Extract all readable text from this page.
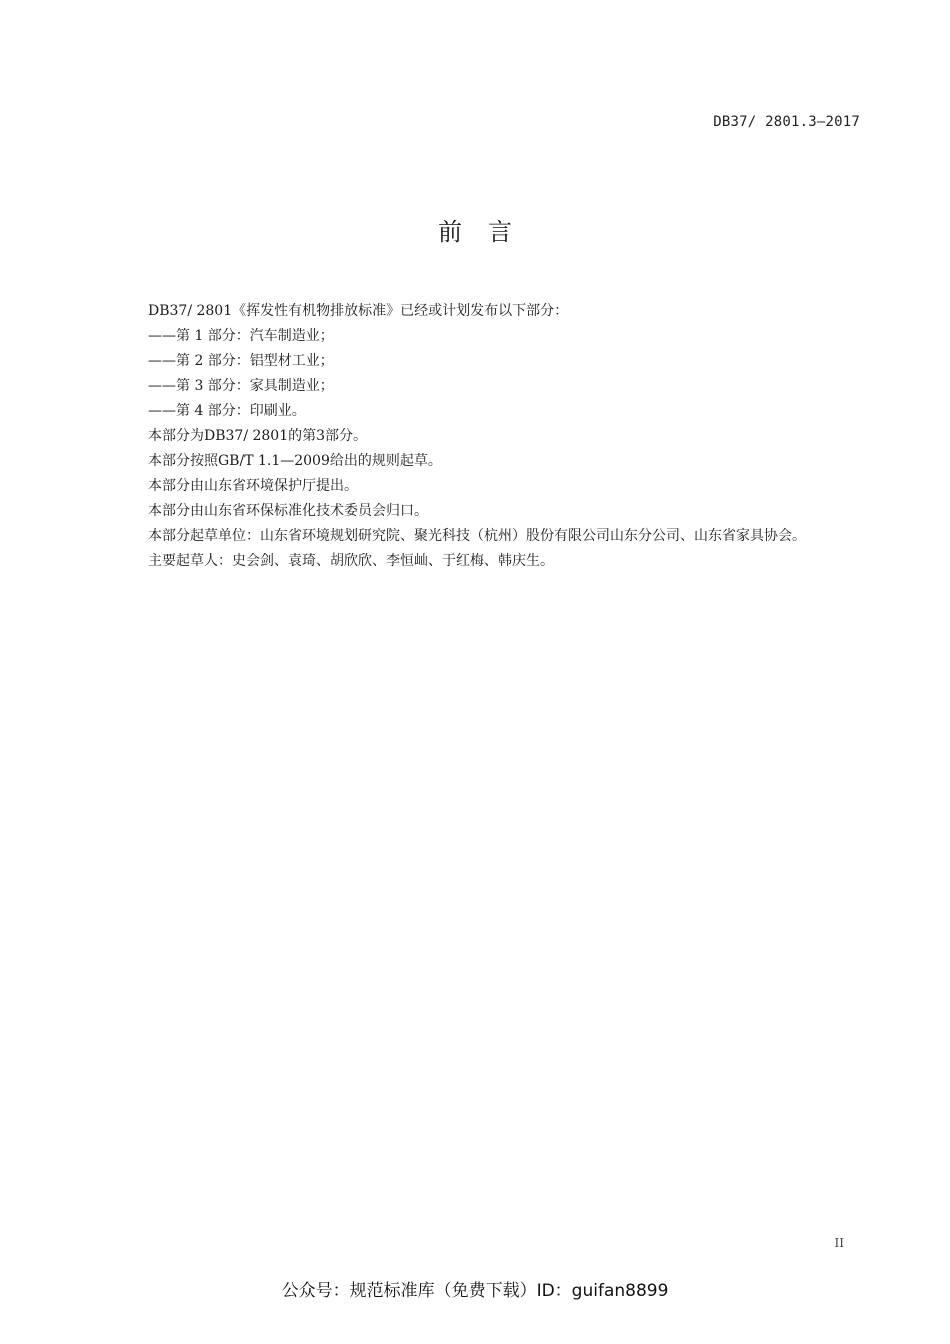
DB37/ 2801.3—2017
前言

DB37/ 2801《挥发性有机物排放标准》已经或计划发布以下部分：

——第 1 部分：汽车制造业；

——第 2 部分：铝型材工业；

——第 3 部分：家具制造业；

——第 4 部分：印刷业。

本部分为DB37/ 2801的第3部分。

本部分按照GB/T 1.1—2009给出的规则起草。

本部分由山东省环境保护厅提出。

本部分由山东省环保标准化技术委员会归口。

本部分起草单位：山东省环境规划研究院、聚光科技（杭州）股份有限公司山东分公司、山东省家具协会。

主要起草人：史会剑、袁琦、胡欣欣、李恒屾、于红梅、韩庆生。

II
公众号：规范标准库（免费下载）ID：guifan8899
